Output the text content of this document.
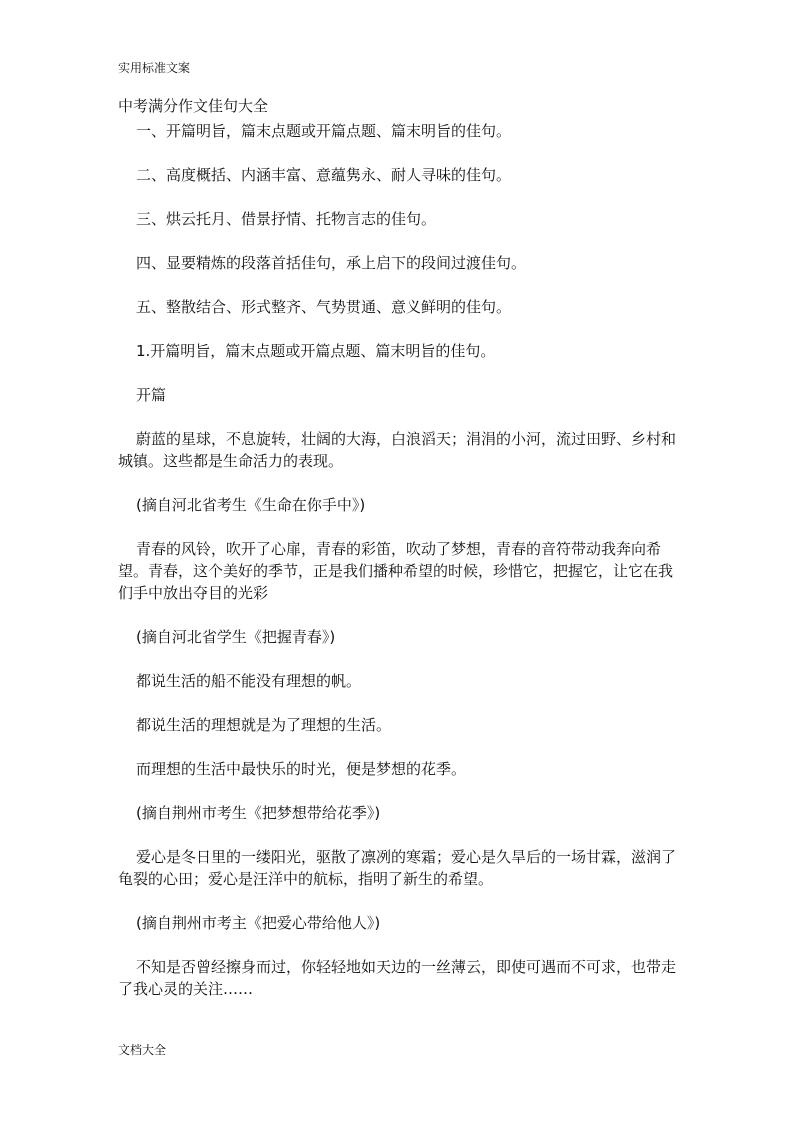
实用标准文案
中考满分作文佳句大全

一、开篇明旨，篇末点题或开篇点题、篇末明旨的佳句。

二、高度概括、内涵丰富、意蕴隽永、耐人寻味的佳句。

三、烘云托月、借景抒情、托物言志的佳句。

四、显要精炼的段落首括佳句，承上启下的段间过渡佳句。

五、整散结合、形式整齐、气势贯通、意义鲜明的佳句。

1.开篇明旨，篇末点题或开篇点题、篇末明旨的佳句。

开篇

蔚蓝的星球，不息旋转，壮阔的大海，白浪滔天；涓涓的小河，流过田野、乡村和城镇。这些都是生命活力的表现。

(摘自河北省考生《生命在你手中》)

青春的风铃，吹开了心扉，青春的彩笛，吹动了梦想，青春的音符带动我奔向希望。青春，这个美好的季节，正是我们播种希望的时候，珍惜它，把握它，让它在我们手中放出夺目的光彩

(摘自河北省学生《把握青春》)

都说生活的船不能没有理想的帆。

都说生活的理想就是为了理想的生活。

而理想的生活中最快乐的时光，便是梦想的花季。

(摘自荆州市考生《把梦想带给花季》)

爱心是冬日里的一缕阳光，驱散了凛冽的寒霜；爱心是久旱后的一场甘霖，滋润了龟裂的心田；爱心是汪洋中的航标，指明了新生的希望。

(摘自荆州市考主《把爱心带给他人》)

不知是否曾经擦身而过，你轻轻地如天边的一丝薄云，即使可遇而不可求，也带走了我心灵的关注……

文档大全
